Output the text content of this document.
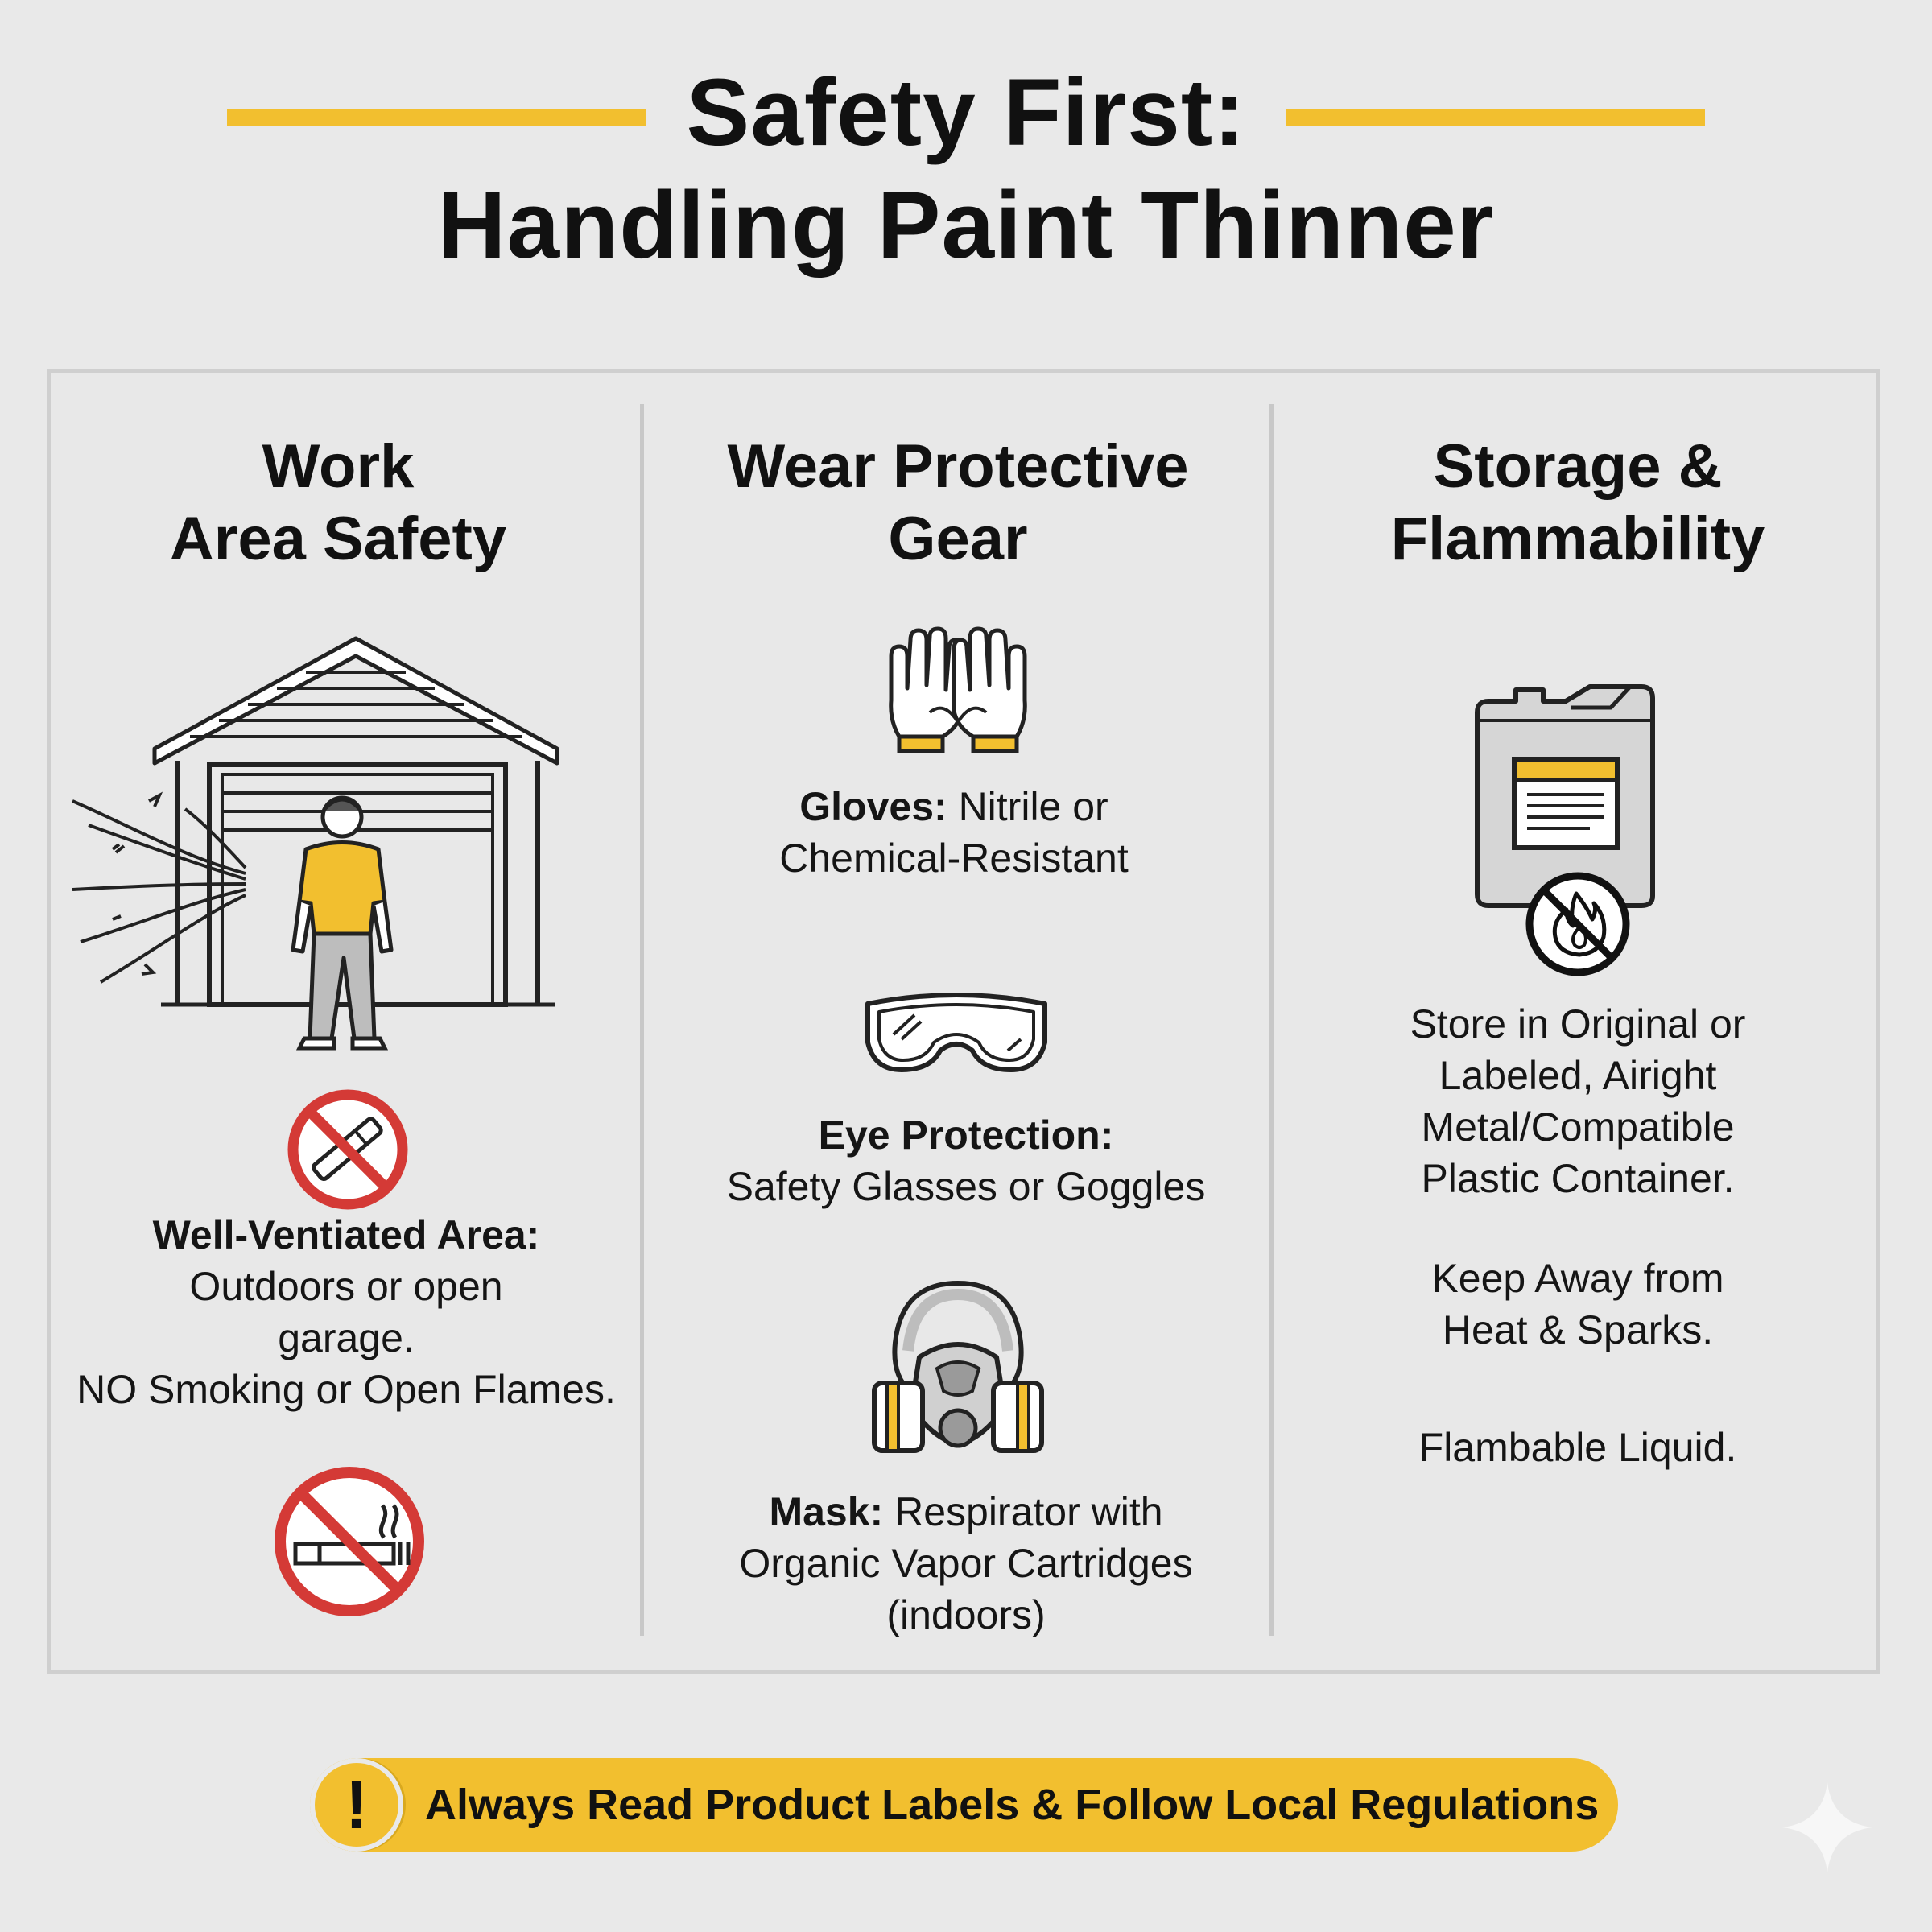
Safety First:
Handling Paint Thinner
Work
Area Safety
Well-Ventiated Area:
Outdoors or open
garage.
NO Smoking or Open Flames.
Wear Protective
Gear
Gloves: Nitrile or
Chemical-Resistant
Eye Protection:
Safety Glasses or Goggles
Mask: Respirator with
Organic Vapor Cartridges
(indoors)
Storage &
Flammability
Store in Original or
Labeled, Airight
Metal/Compatible
Plastic Container.
Keep Away from
Heat & Sparks.
Flambable Liquid.
!	Always Read Product Labels & Follow Local Regulations
